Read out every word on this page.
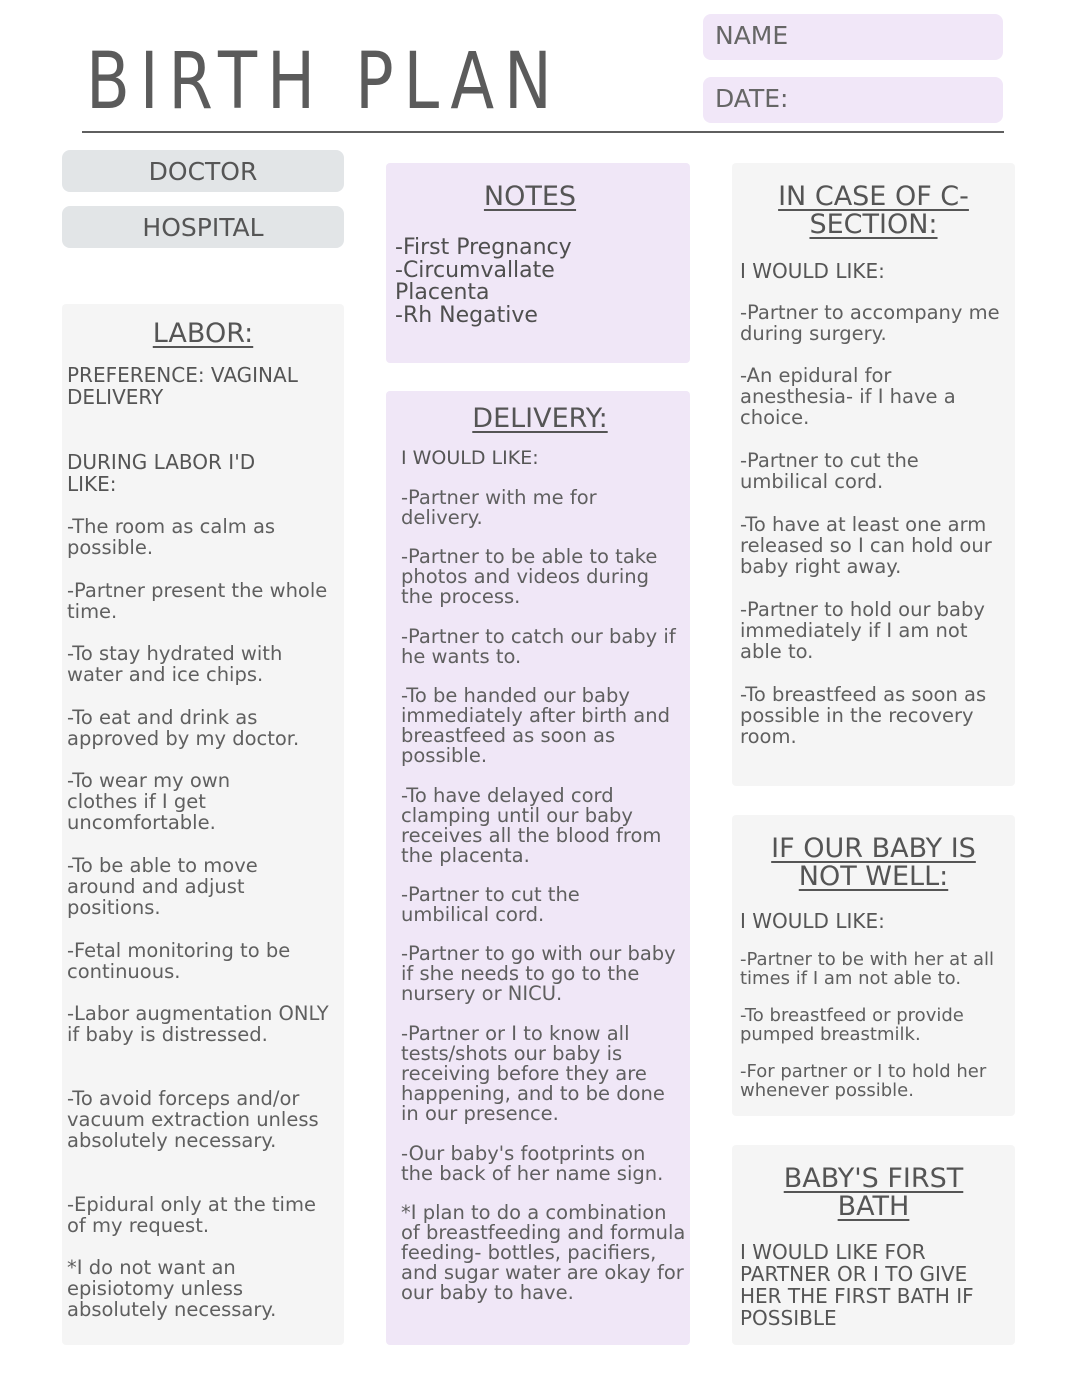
BIRTH PLAN
NAME
DATE:
DOCTOR
HOSPITAL

LABOR:

PREFERENCE: VAGINAL DELIVERY

DURING LABOR I'D LIKE:

-The room as calm as possible.

-Partner present the whole time.

-To stay hydrated with water and ice chips.

-To eat and drink as approved by my doctor.

-To wear my own clothes if I get uncomfortable.

-To be able to move around and adjust positions.

-Fetal monitoring to be continuous.

-Labor augmentation ONLY if baby is distressed.

-To avoid forceps and/or vacuum extraction unless absolutely necessary.

-Epidural only at the time of my request.

*I do not want an episiotomy unless absolutely necessary.

NOTES

-First Pregnancy

-Circumvallate Placenta

-Rh Negative

DELIVERY:

I WOULD LIKE:

-Partner with me for delivery.

-Partner to be able to take photos and videos during the process.

-Partner to catch our baby if he wants to.

-To be handed our baby immediately after birth and breastfeed as soon as possible.

-To have delayed cord clamping until our baby receives all the blood from the placenta.

-Partner to cut the umbilical cord.

-Partner to go with our baby if she needs to go to the nursery or NICU.

-Partner or I to know all tests/shots our baby is receiving before they are happening, and to be done in our presence.

-Our baby's footprints on the back of her name sign.

*I plan to do a combination of breastfeeding and formula feeding- bottles, pacifiers, and sugar water are okay for our baby to have.

IN CASE OF C-SECTION:

I WOULD LIKE:

-Partner to accompany me during surgery.

-An epidural for anesthesia- if I have a choice.

-Partner to cut the umbilical cord.

-To have at least one arm released so I can hold our baby right away.

-Partner to hold our baby immediately if I am not able to.

-To breastfeed as soon as possible in the recovery room.

IF OUR BABY IS NOT WELL:

I WOULD LIKE:

-Partner to be with her at all times if I am not able to.

-To breastfeed or provide pumped breastmilk.

-For partner or I to hold her whenever possible.

BABY'S FIRST BATH

I WOULD LIKE FOR PARTNER OR I TO GIVE HER THE FIRST BATH IF POSSIBLE
